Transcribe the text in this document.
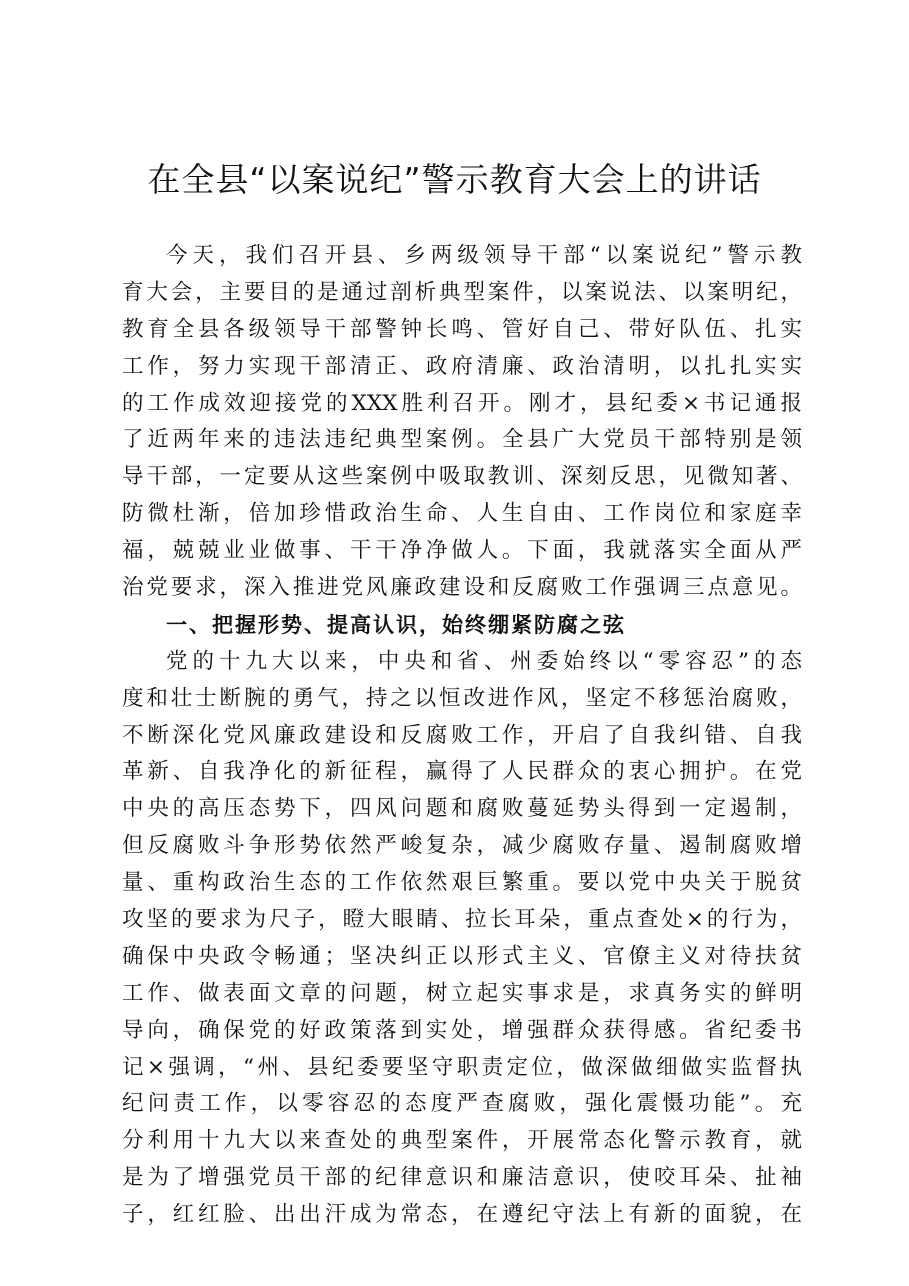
在全县“以案说纪”警示教育大会上的讲话
今天，我们召开县、乡两级领导干部“以案说纪”警示教
育大会，主要目的是通过剖析典型案件，以案说法、以案明纪，
教育全县各级领导干部警钟长鸣、管好自己、带好队伍、扎实
工作，努力实现干部清正、政府清廉、政治清明，以扎扎实实
的工作成效迎接党的XXX胜利召开。刚才，县纪委×书记通报
了近两年来的违法违纪典型案例。全县广大党员干部特别是领
导干部，一定要从这些案例中吸取教训、深刻反思，见微知著、
防微杜渐，倍加珍惜政治生命、人生自由、工作岗位和家庭幸
福，兢兢业业做事、干干净净做人。下面，我就落实全面从严
治党要求，深入推进党风廉政建设和反腐败工作强调三点意见。
一、把握形势、提高认识，始终绷紧防腐之弦
党的十九大以来，中央和省、州委始终以“零容忍”的态
度和壮士断腕的勇气，持之以恒改进作风，坚定不移惩治腐败，
不断深化党风廉政建设和反腐败工作，开启了自我纠错、自我
革新、自我净化的新征程，赢得了人民群众的衷心拥护。在党
中央的高压态势下，四风问题和腐败蔓延势头得到一定遏制，
但反腐败斗争形势依然严峻复杂，减少腐败存量、遏制腐败增
量、重构政治生态的工作依然艰巨繁重。要以党中央关于脱贫
攻坚的要求为尺子，瞪大眼睛、拉长耳朵，重点查处×的行为，
确保中央政令畅通；坚决纠正以形式主义、官僚主义对待扶贫
工作、做表面文章的问题，树立起实事求是，求真务实的鲜明
导向，确保党的好政策落到实处，增强群众获得感。省纪委书
记×强调，“州、县纪委要坚守职责定位，做深做细做实监督执
纪问责工作，以零容忍的态度严查腐败，强化震慑功能”。充
分利用十九大以来查处的典型案件，开展常态化警示教育，就
是为了增强党员干部的纪律意识和廉洁意识，使咬耳朵、扯袖
子，红红脸、出出汗成为常态，在遵纪守法上有新的面貌，在
